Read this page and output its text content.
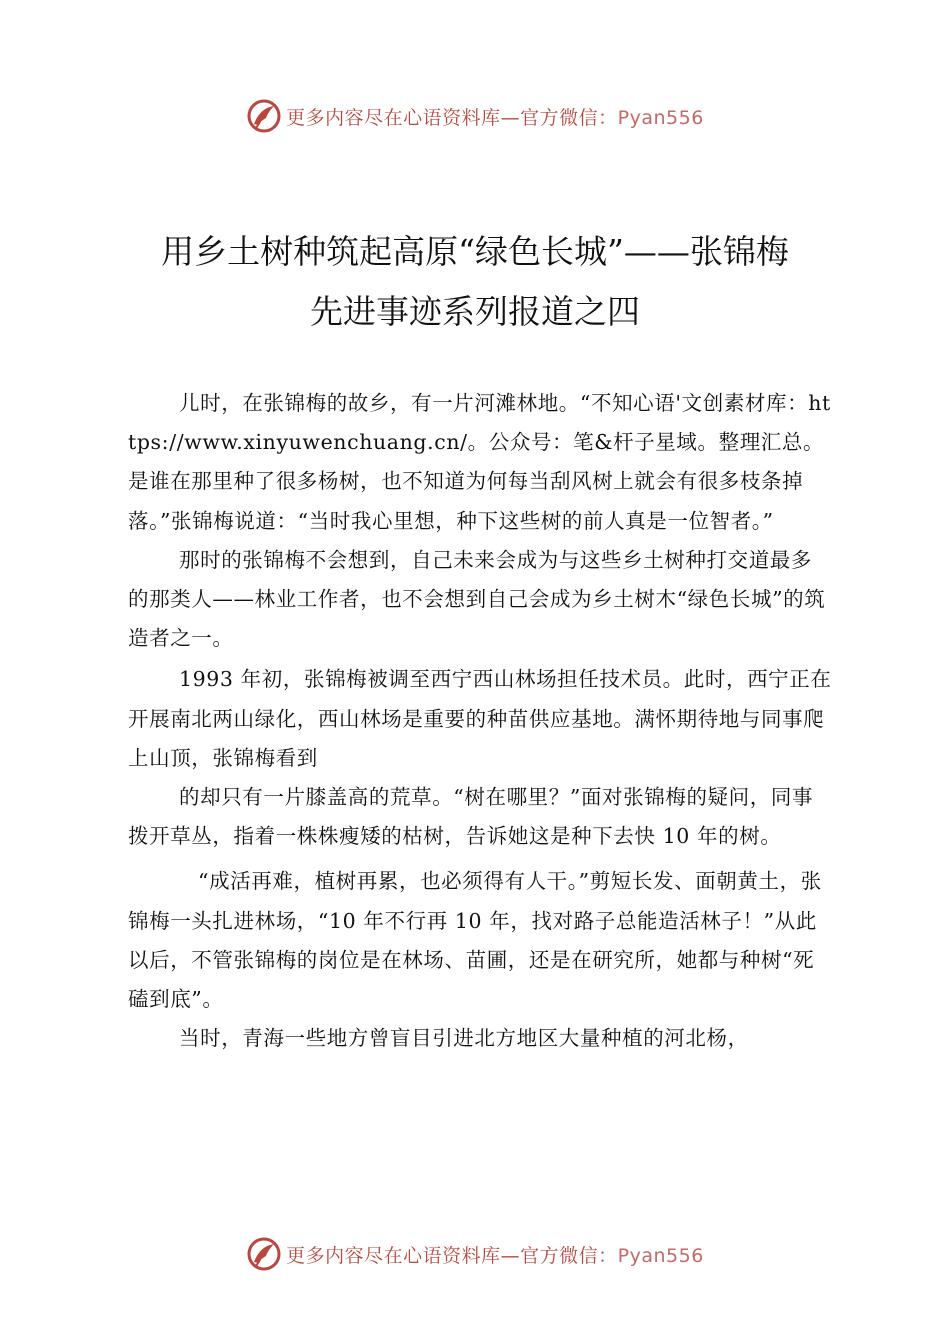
更多内容尽在心语资料库—官方微信：Pyan556
用乡土树种筑起高原“绿色长城”——张锦梅
先进事迹系列报道之四

儿时，在张锦梅的故乡，有一片河滩林地。“不知心语'文创素材库：https://www.xinyuwenchuang.cn/。公众号：笔&杆子星域。整理汇总。是谁在那里种了很多杨树，也不知道为何每当刮风树上就会有很多枝条掉落。”张锦梅说道：“当时我心里想，种下这些树的前人真是一位智者。”

那时的张锦梅不会想到，自己未来会成为与这些乡土树种打交道最多的那类人——林业工作者，也不会想到自己会成为乡土树木“绿色长城”的筑造者之一。

1993 年初，张锦梅被调至西宁西山林场担任技术员。此时，西宁正在开展南北两山绿化，西山林场是重要的种苗供应基地。满怀期待地与同事爬上山顶，张锦梅看到

的却只有一片膝盖高的荒草。“树在哪里？”面对张锦梅的疑问，同事拨开草丛，指着一株株瘦矮的枯树，告诉她这是种下去快 10 年的树。

“成活再难，植树再累，也必须得有人干。”剪短长发、面朝黄土，张锦梅一头扎进林场，“10 年不行再 10 年，找对路子总能造活林子！”从此以后，不管张锦梅的岗位是在林场、苗圃，还是在研究所，她都与种树“死磕到底”。

当时，青海一些地方曾盲目引进北方地区大量种植的河北杨，

更多内容尽在心语资料库—官方微信：Pyan556
